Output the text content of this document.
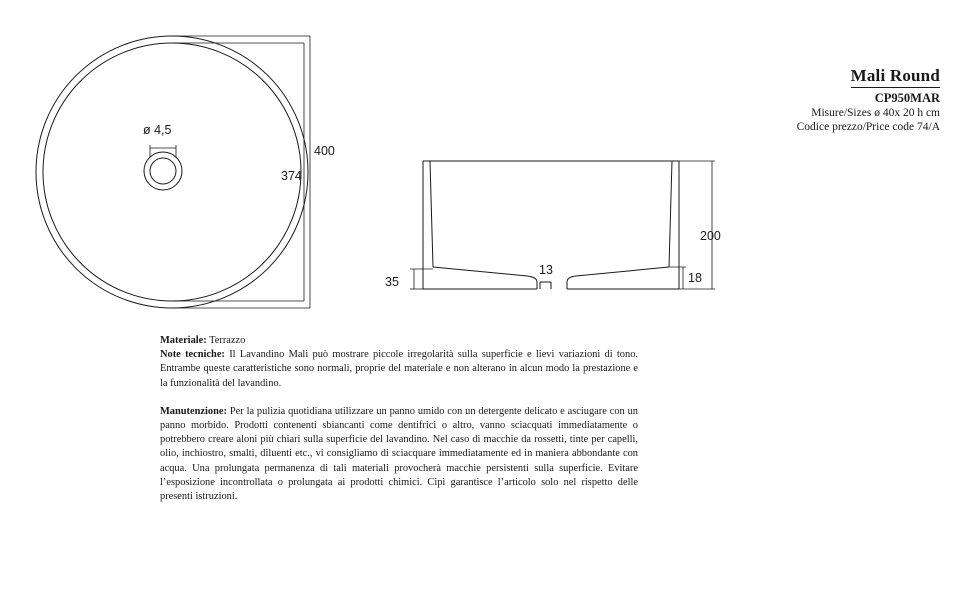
ø 4,5
400
374
200
35	18
13
Mali Round
CP950MAR
Misure/Sizes ø 40x 20 h cm
Codice prezzo/Price code 74/A

Materiale: Terrazzo

Note tecniche: Il Lavandino Mali può mostrare piccole irregolarità sulla superficie e lievi variazioni di tono. Entrambe queste caratteristiche sono normali, proprie del materiale e non alterano in alcun modo la prestazione e la funzionalità del lavandino.

Manutenzione: Per la pulizia quotidiana utilizzare un panno umido con un detergente delicato e asciugare con un panno morbido. Prodotti contenenti sbiancanti come dentifrici o altro, vanno sciacquati immediatamente o potrebbero creare aloni più chiari sulla superficie del lavandino. Nel caso di macchie da rossetti, tinte per capelli, olio, inchiostro, smalti, diluenti etc., vi consigliamo di sciacquare immediatamente ed in maniera abbondante con acqua. Una prolungata permanenza di tali materiali provocherà macchie persistenti sulla superficie. Evitare l’esposizione incontrollata o prolungata ai prodotti chimici. Cipì garantisce l’articolo solo nel rispetto delle presenti istruzioni.
